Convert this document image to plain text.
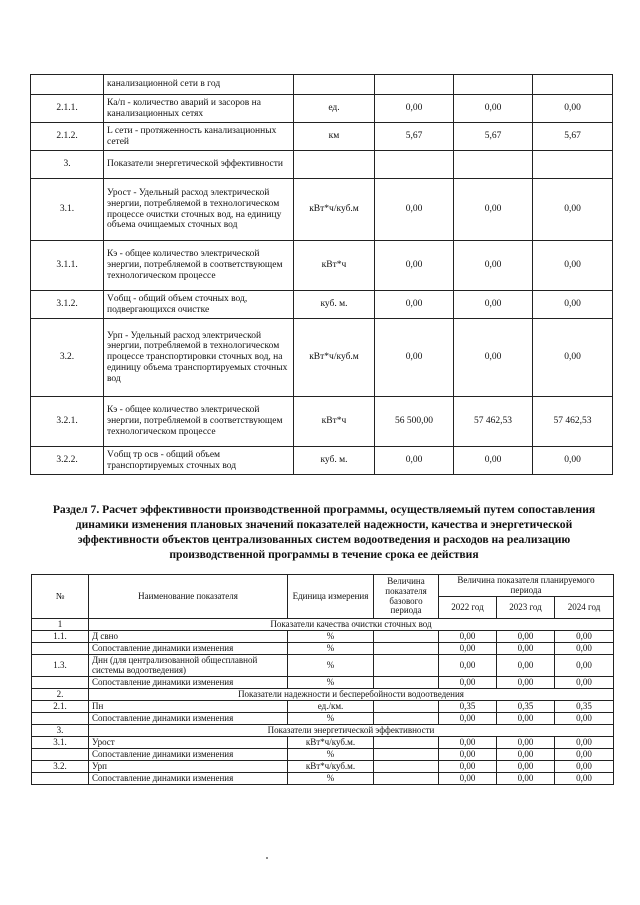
	канализационной сети в год				
2.1.1.	Ка/п - количество аварий и засоров на канализационных сетях	ед.	0,00	0,00	0,00
2.1.2.	L сети - протяженность канализационных сетей	км	5,67	5,67	5,67
3.	Показатели энергетической эффективности				
3.1.	Урост - Удельный расход электрической энергии, потребляемой в технологическом процессе очистки сточных вод, на единицу объема очищаемых сточных вод	кВт*ч/куб.м	0,00	0,00	0,00
3.1.1.	Кэ - общее количество электрической энергии, потребляемой в соответствующем технологическом процессе	кВт*ч	0,00	0,00	0,00
3.1.2.	Vобщ - общий объем сточных вод, подвергающихся очистке	куб. м.	0,00	0,00	0,00
3.2.	Урп - Удельный расход электрической энергии, потребляемой в технологическом процессе транспортировки сточных вод, на единицу объема транспортируемых сточных вод	кВт*ч/куб.м	0,00	0,00	0,00
3.2.1.	Кэ - общее количество электрической энергии, потребляемой в соответствующем технологическом процессе	кВт*ч	56 500,00	57 462,53	57 462,53
3.2.2.	Vобщ тр осв - общий объем транспортируемых сточных вод	куб. м.	0,00	0,00	0,00
Раздел 7. Расчет эффективности производственной программы, осуществляемый путем сопоставления динамики изменения плановых значений показателей надежности, качества и энергетической эффективности объектов централизованных систем водоотведения и расходов на реализацию производственной программы в течение срока ее действия
№	Наименование показателя	Единица измерения	Величина показателя базового периода	Величина показателя планируемого периода		
				2022 год	2023 год	2024 год
1	Показатели качества очистки сточных вод					
1.1.	Д свно	%		0,00	0,00	0,00
	Сопоставление динамики изменения	%		0,00	0,00	0,00
1.3.	Днн (для централизованной общесплавной системы водоотведения)	%		0,00	0,00	0,00
	Сопоставление динамики изменения	%		0,00	0,00	0,00
2.	Показатели надежности и бесперебойности водоотведения					
2.1.	Пн	ед./км.		0,35	0,35	0,35
	Сопоставление динамики изменения	%		0,00	0,00	0,00
3.	Показатели энергетической эффективности					
3.1.	Урост	кВт*ч/куб.м.		0,00	0,00	0,00
	Сопоставление динамики изменения	%		0,00	0,00	0,00
3.2.	Урп	кВт*ч/куб.м.		0,00	0,00	0,00
	Сопоставление динамики изменения	%		0,00	0,00	0,00
